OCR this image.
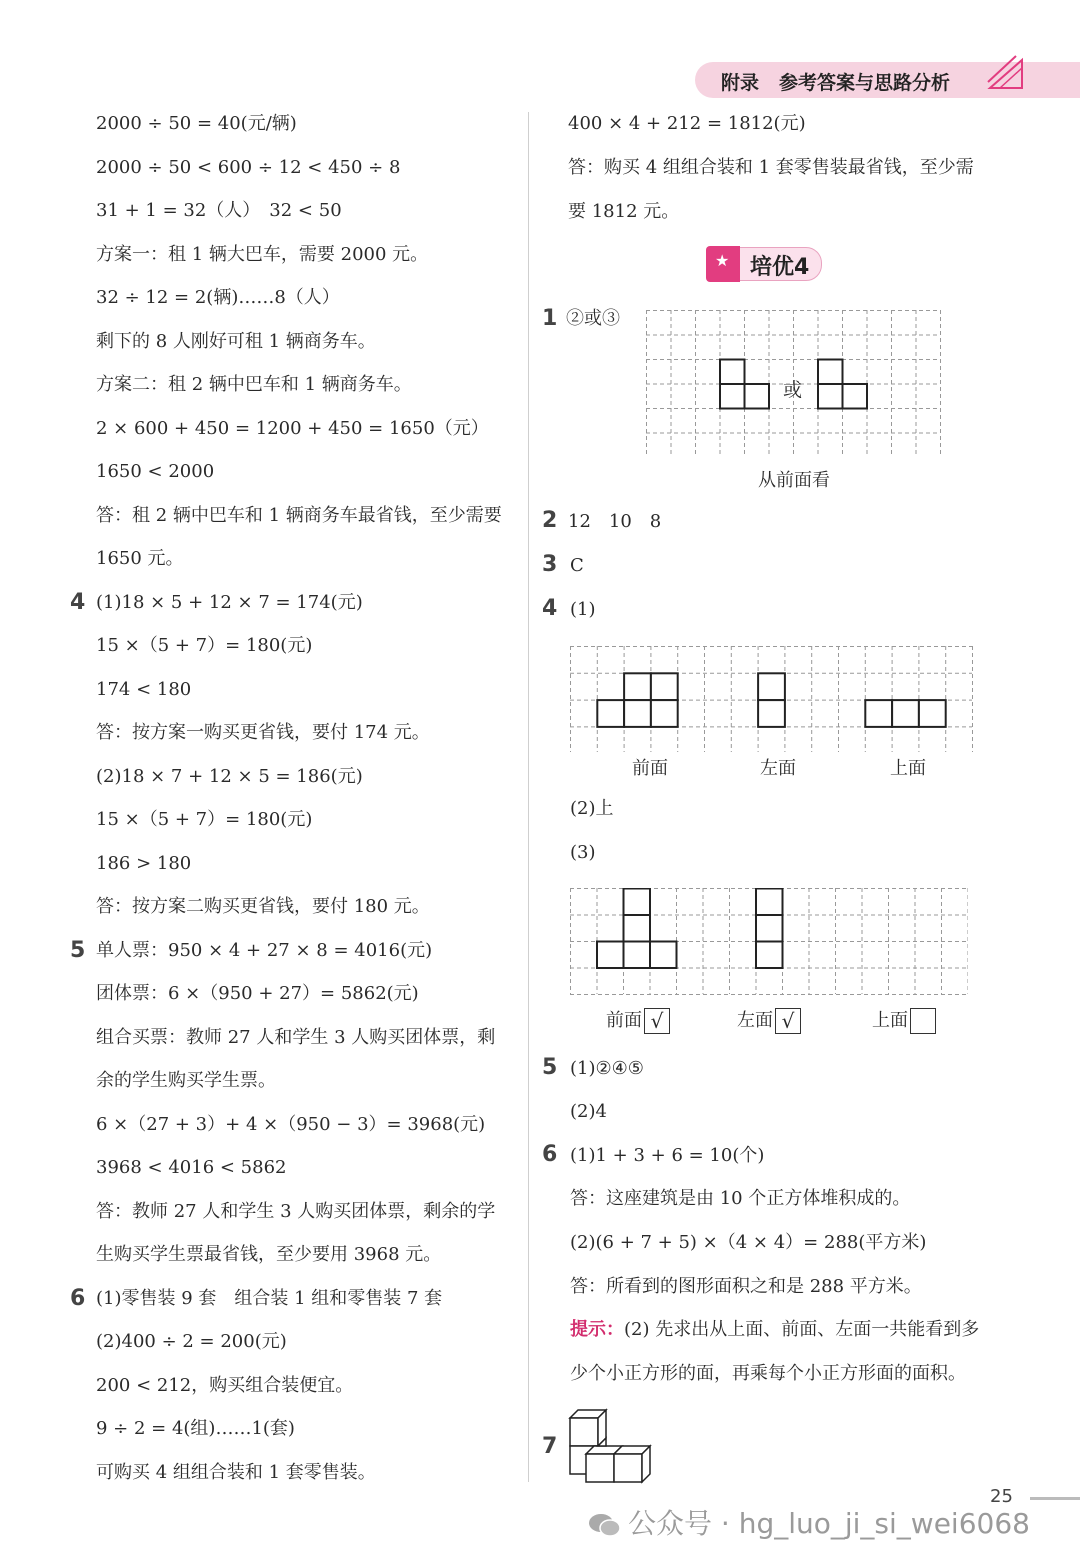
附录 参考答案与思路分析
2000 ÷ 50 = 40(元/辆)
2000 ÷ 50 < 600 ÷ 12 < 450 ÷ 8
31 + 1 = 32（人）　32 < 50
方案一：租 1 辆大巴车，需要 2000 元。
32 ÷ 12 = 2(辆)……8（人）
剩下的 8 人刚好可租 1 辆商务车。
方案二：租 2 辆中巴车和 1 辆商务车。
2 × 600 + 450 = 1200 + 450 = 1650（元）
1650 < 2000
答：租 2 辆中巴车和 1 辆商务车最省钱，至少需要
1650 元。
4 (1)18 × 5 + 12 × 7 = 174(元)
15 ×（5 + 7）= 180(元)
174 < 180
答：按方案一购买更省钱，要付 174 元。
(2)18 × 7 + 12 × 5 = 186(元)
15 ×（5 + 7）= 180(元)
186 > 180
答：按方案二购买更省钱，要付 180 元。
5 单人票：950 × 4 + 27 × 8 = 4016(元)
团体票：6 ×（950 + 27）= 5862(元)
组合买票：教师 27 人和学生 3 人购买团体票，剩
余的学生购买学生票。
6 ×（27 + 3）+ 4 ×（950 − 3）= 3968(元)
3968 < 4016 < 5862
答：教师 27 人和学生 3 人购买团体票，剩余的学
生购买学生票最省钱，至少要用 3968 元。
6 (1)零售装 9 套　组合装 1 组和零售装 7 套
(2)400 ÷ 2 = 200(元)
200 < 212，购买组合装便宜。
9 ÷ 2 = 4(组)……1(套)
可购买 4 组组合装和 1 套零售装。
400 × 4 + 212 = 1812(元)
答：购买 4 组组合装和 1 套零售装最省钱，至少需
要 1812 元。
★ 培优4
1 ②或③
或
从前面看
2 12　10　8
3 C
4 (1)
前面	左面	上面
(2)上
(3)
前面 √	左面 √	上面
5 (1)②④⑤
(2)4
6 (1)1 + 3 + 6 = 10(个)
答：这座建筑是由 10 个正方体堆积成的。
(2)(6 + 7 + 5) ×（4 × 4）= 288(平方米)
答：所看到的图形面积之和是 288 平方米。
提示：(2) 先求出从上面、前面、左面一共能看到多
少个小正方形的面，再乘每个小正方形面的面积。
7
25
公众号 · hg_luo_ji_si_wei6068
